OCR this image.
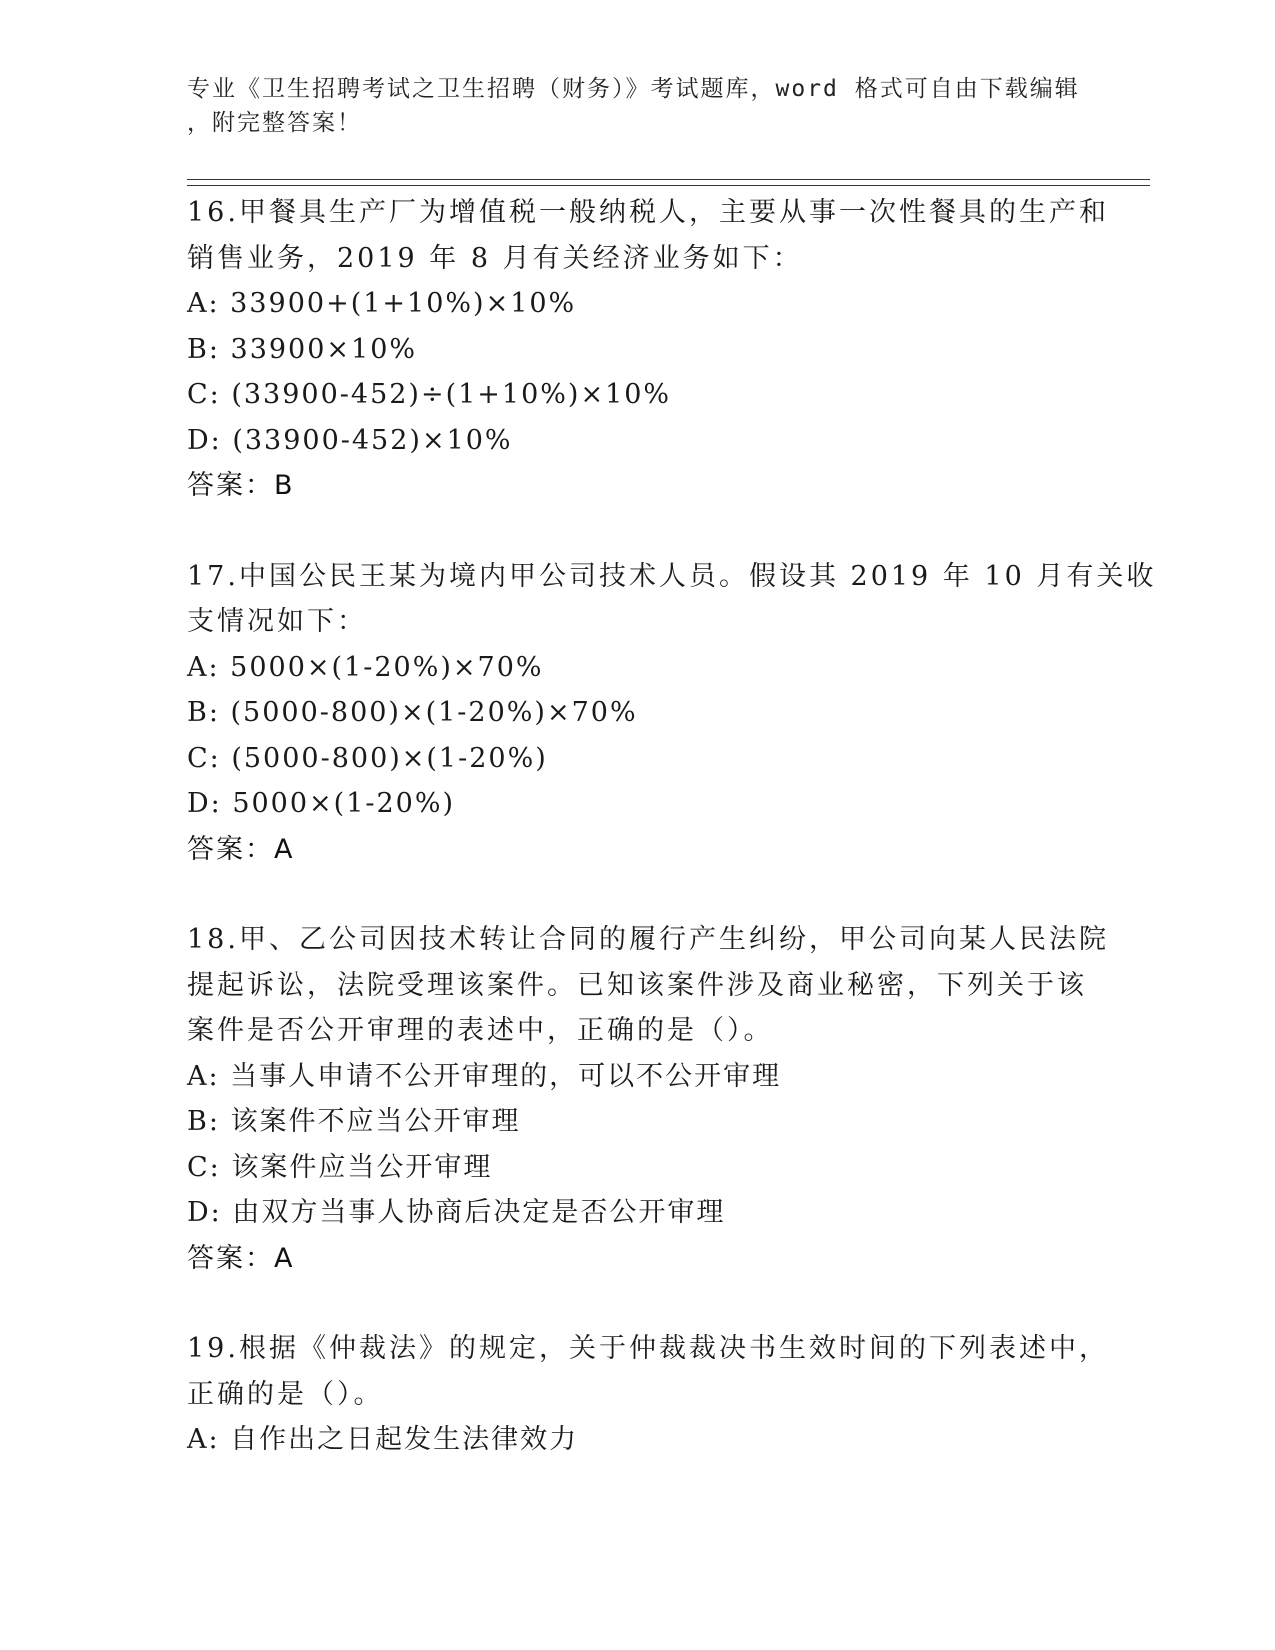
专业《卫生招聘考试之卫生招聘（财务）》考试题库，word 格式可自由下载编辑
，附完整答案！
16.甲餐具生产厂为增值税一般纳税人，主要从事一次性餐具的生产和
销售业务，2019 年 8 月有关经济业务如下：
A: 33900+(1+10%)×10%
B: 33900×10%
C: (33900-452)÷(1+10%)×10%
D: (33900-452)×10%
答案：B
17.中国公民王某为境内甲公司技术人员。假设其 2019 年 10 月有关收
支情况如下：
A: 5000×(1-20%)×70%
B: (5000-800)×(1-20%)×70%
C: (5000-800)×(1-20%)
D: 5000×(1-20%)
答案：A
18.甲、乙公司因技术转让合同的履行产生纠纷，甲公司向某人民法院
提起诉讼，法院受理该案件。已知该案件涉及商业秘密，下列关于该
案件是否公开审理的表述中，正确的是（）。
A: 当事人申请不公开审理的，可以不公开审理
B: 该案件不应当公开审理
C: 该案件应当公开审理
D: 由双方当事人协商后决定是否公开审理
答案：A
19.根据《仲裁法》的规定，关于仲裁裁决书生效时间的下列表述中，
正确的是（）。
A: 自作出之日起发生法律效力
